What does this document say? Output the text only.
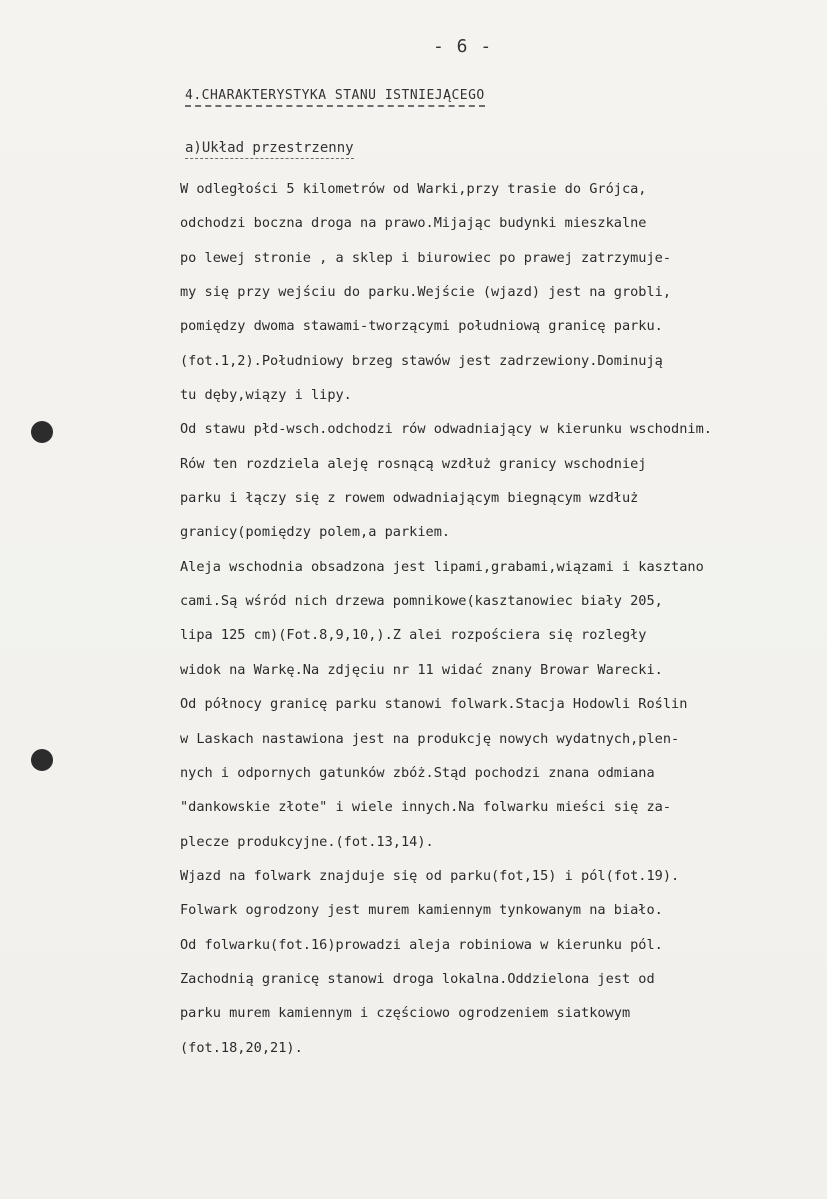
- 6 -
4.CHARAKTERYSTYKA STANU ISTNIEJĄCEGO
a)Układ przestrzenny
W odległości 5 kilometrów od Warki,przy trasie do Grójca,
odchodzi boczna droga na prawo.Mijając budynki mieszkalne
po lewej stronie , a sklep i biurowiec po prawej zatrzymuje-
my się przy wejściu do parku.Wejście (wjazd) jest na grobli,
pomiędzy dwoma stawami-tworzącymi południową granicę parku.
(fot.1,2).Południowy brzeg stawów jest zadrzewiony.Dominują
tu dęby,wiązy i lipy.
Od stawu płd-wsch.odchodzi rów odwadniający w kierunku wschodnim.
Rów ten rozdziela aleję rosnącą wzdłuż granicy wschodniej
parku i łączy się z rowem odwadniającym biegnącym wzdłuż
granicy(pomiędzy polem,a parkiem.
Aleja wschodnia obsadzona jest lipami,grabami,wiązami i kasztano
cami.Są wśród nich drzewa pomnikowe(kasztanowiec biały 205,
lipa 125 cm)(Fot.8,9,10,).Z alei rozpościera się rozległy
widok na Warkę.Na zdjęciu nr 11 widać znany Browar Warecki.
Od północy granicę parku stanowi folwark.Stacja Hodowli Roślin
w Laskach nastawiona jest na produkcję nowych wydatnych,plen-
nych i odpornych gatunków zbóż.Stąd pochodzi znana odmiana
"dankowskie złote" i wiele innych.Na folwarku mieści się za-
plecze produkcyjne.(fot.13,14).
Wjazd na folwark znajduje się od parku(fot,15) i pól(fot.19).
Folwark ogrodzony jest murem kamiennym tynkowanym na biało.
Od folwarku(fot.16)prowadzi aleja robiniowa w kierunku pól.
Zachodnią granicę stanowi droga lokalna.Oddzielona jest od
parku murem kamiennym i częściowo ogrodzeniem siatkowym
(fot.18,20,21).
